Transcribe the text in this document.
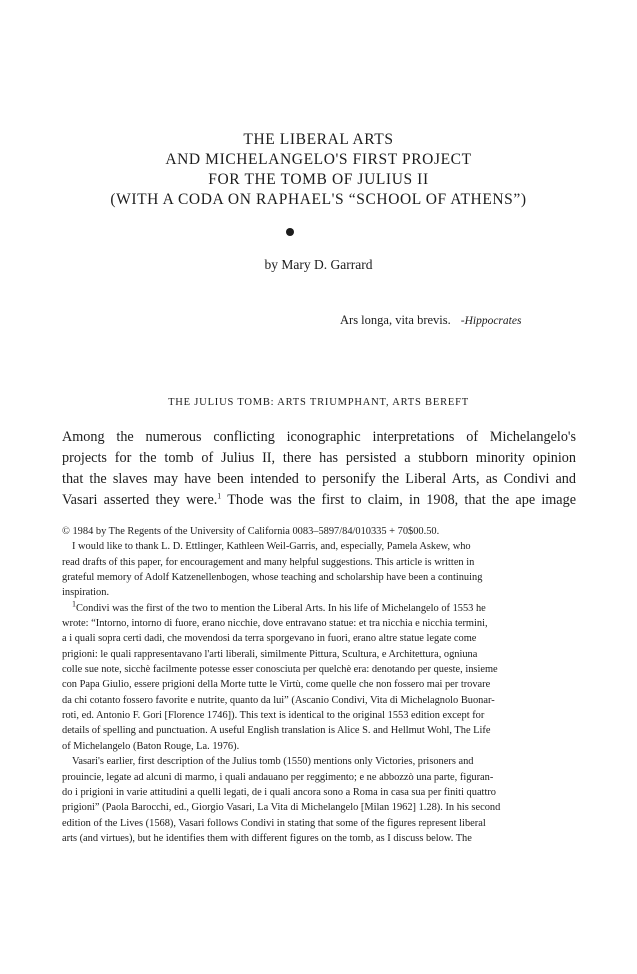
THE LIBERAL ARTS

AND MICHELANGELO'S FIRST PROJECT

FOR THE TOMB OF JULIUS II

(WITH A CODA ON RAPHAEL'S “SCHOOL OF ATHENS”)

by Mary D. Garrard
Ars longa, vita brevis. -Hippocrates
THE JULIUS TOMB: ARTS TRIUMPHANT, ARTS BEREFT
Among the numerous conflicting iconographic interpretations of Michelangelo's
projects for the tomb of Julius II, there has persisted a stubborn minority opinion
that the slaves may have been intended to personify the Liberal Arts, as Condivi and
Vasari asserted they were.$^1$ Thode was the first to claim, in 1908, that the ape image
© 1984 by The Regents of the University of California 0083–5897/84/010335 + 70$00.50.
I would like to thank L. D. Ettlinger, Kathleen Weil-Garris, and, especially, Pamela Askew, who
read drafts of this paper, for encouragement and many helpful suggestions. This article is written in
grateful memory of Adolf Katzenellenbogen, whose teaching and scholarship have been a continuing
inspiration.
$^1$Condivi was the first of the two to mention the Liberal Arts. In his life of Michelangelo of 1553 he
wrote: “Intorno, intorno di fuore, erano nicchie, dove entravano statue: et tra nicchia e nicchia termini,
a i quali sopra certi dadi, che movendosi da terra sporgevano in fuori, erano altre statue legate come
prigioni: le quali rappresentavano l'arti liberali, similmente Pittura, Scultura, e Architettura, ogniuna
colle sue note, sicchè facilmente potesse esser conosciuta per quelchè era: denotando per queste, insieme
con Papa Giulio, essere prigioni della Morte tutte le Virtù, come quelle che non fossero mai per trovare
da chi cotanto fossero favorite e nutrite, quanto da lui” (Ascanio Condivi, Vita di Michelagnolo Buonar-
roti, ed. Antonio F. Gori [Florence 1746]). This text is identical to the original 1553 edition except for
details of spelling and punctuation. A useful English translation is Alice S. and Hellmut Wohl, The Life
of Michelangelo (Baton Rouge, La. 1976).
Vasari's earlier, first description of the Julius tomb (1550) mentions only Victories, prisoners and
prouincie, legate ad alcuni di marmo, i quali andauano per reggimento; e ne abbozzò una parte, figuran-
do i prigioni in varie attitudini a quelli legati, de i quali ancora sono a Roma in casa sua per finiti quattro
prigioni” (Paola Barocchi, ed., Giorgio Vasari, La Vita di Michelangelo [Milan 1962] 1.28). In his second
edition of the Lives (1568), Vasari follows Condivi in stating that some of the figures represent liberal
arts (and virtues), but he identifies them with different figures on the tomb, as I discuss below. The
